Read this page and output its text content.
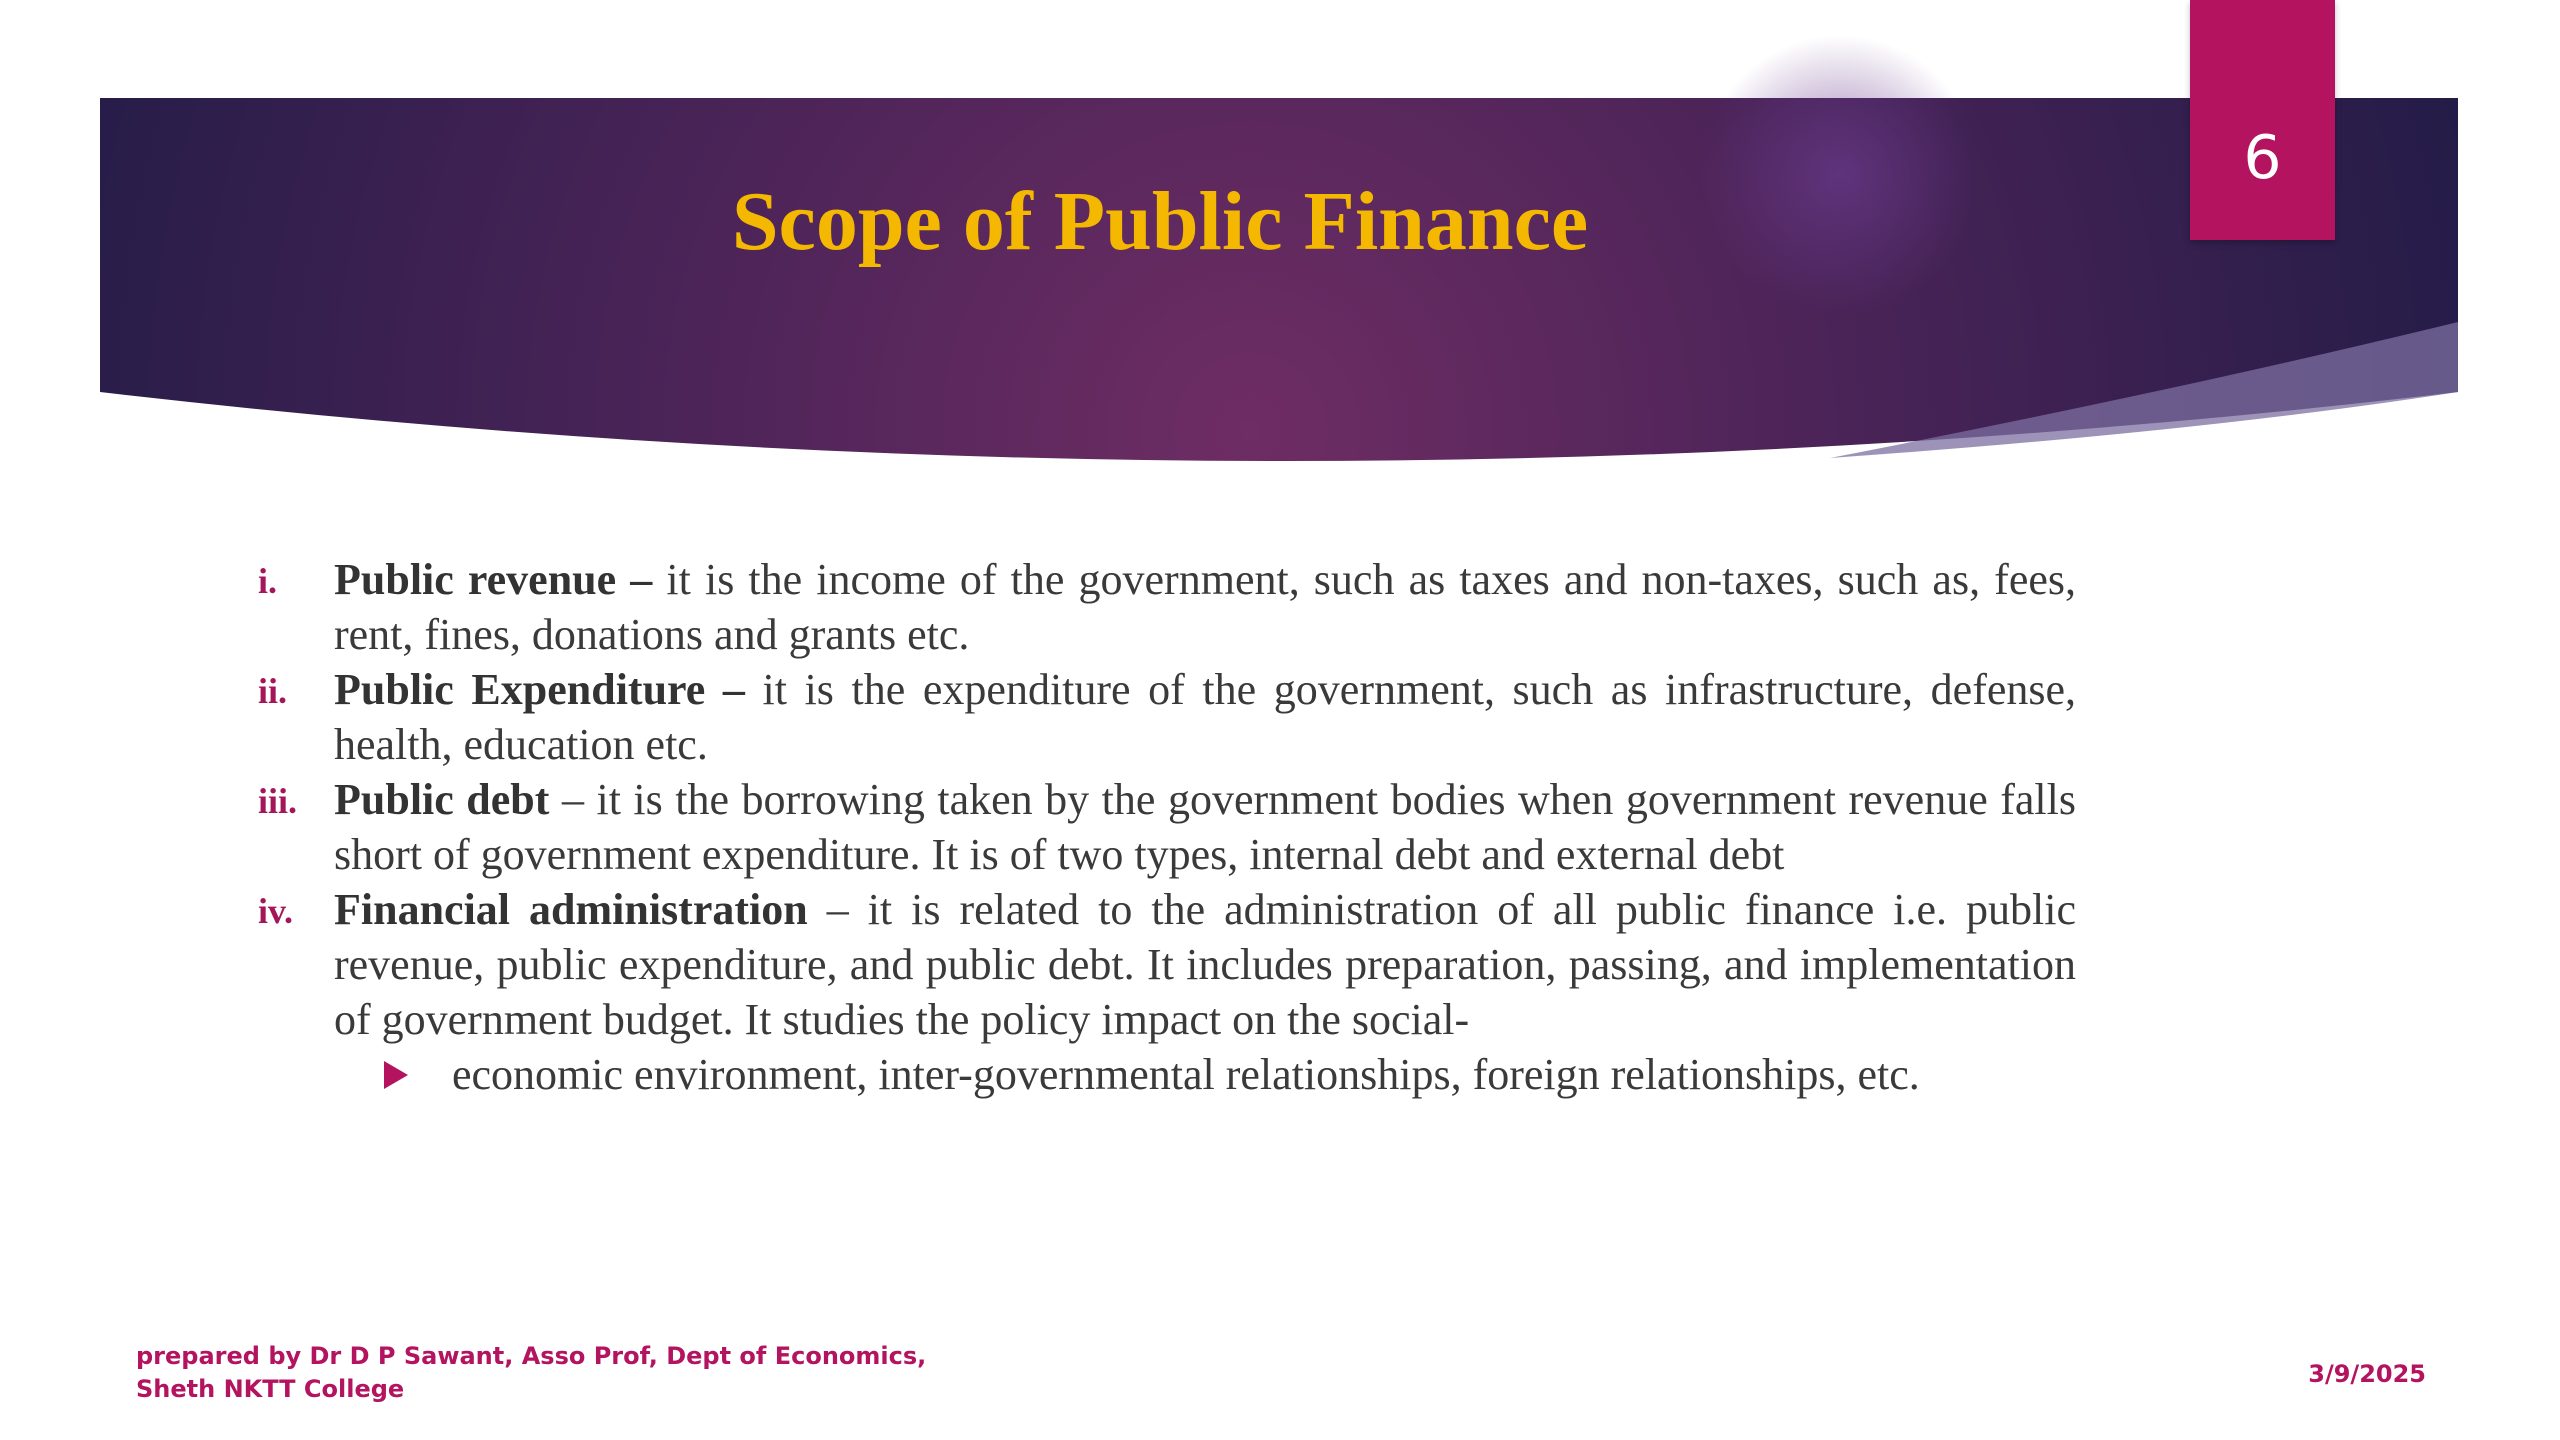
6
Scope of Public Finance
i. Public revenue – it is the income of the government, such as taxes and non-taxes, such as, fees, rent, fines, donations and grants etc.
ii. Public Expenditure – it is the expenditure of the government, such as infrastructure, defense, health, education etc.
iii. Public debt – it is the borrowing taken by the government bodies when government revenue falls short of government expenditure. It is of two types, internal debt and external debt
iv. Financial administration – it is related to the administration of all public finance i.e. public revenue, public expenditure, and public debt. It includes preparation, passing, and implementation of government budget. It studies the policy impact on the social-
economic environment, inter-governmental relationships, foreign relationships, etc.
prepared by Dr D P Sawant, Asso Prof, Dept of Economics,
Sheth NKTT College
3/9/2025
